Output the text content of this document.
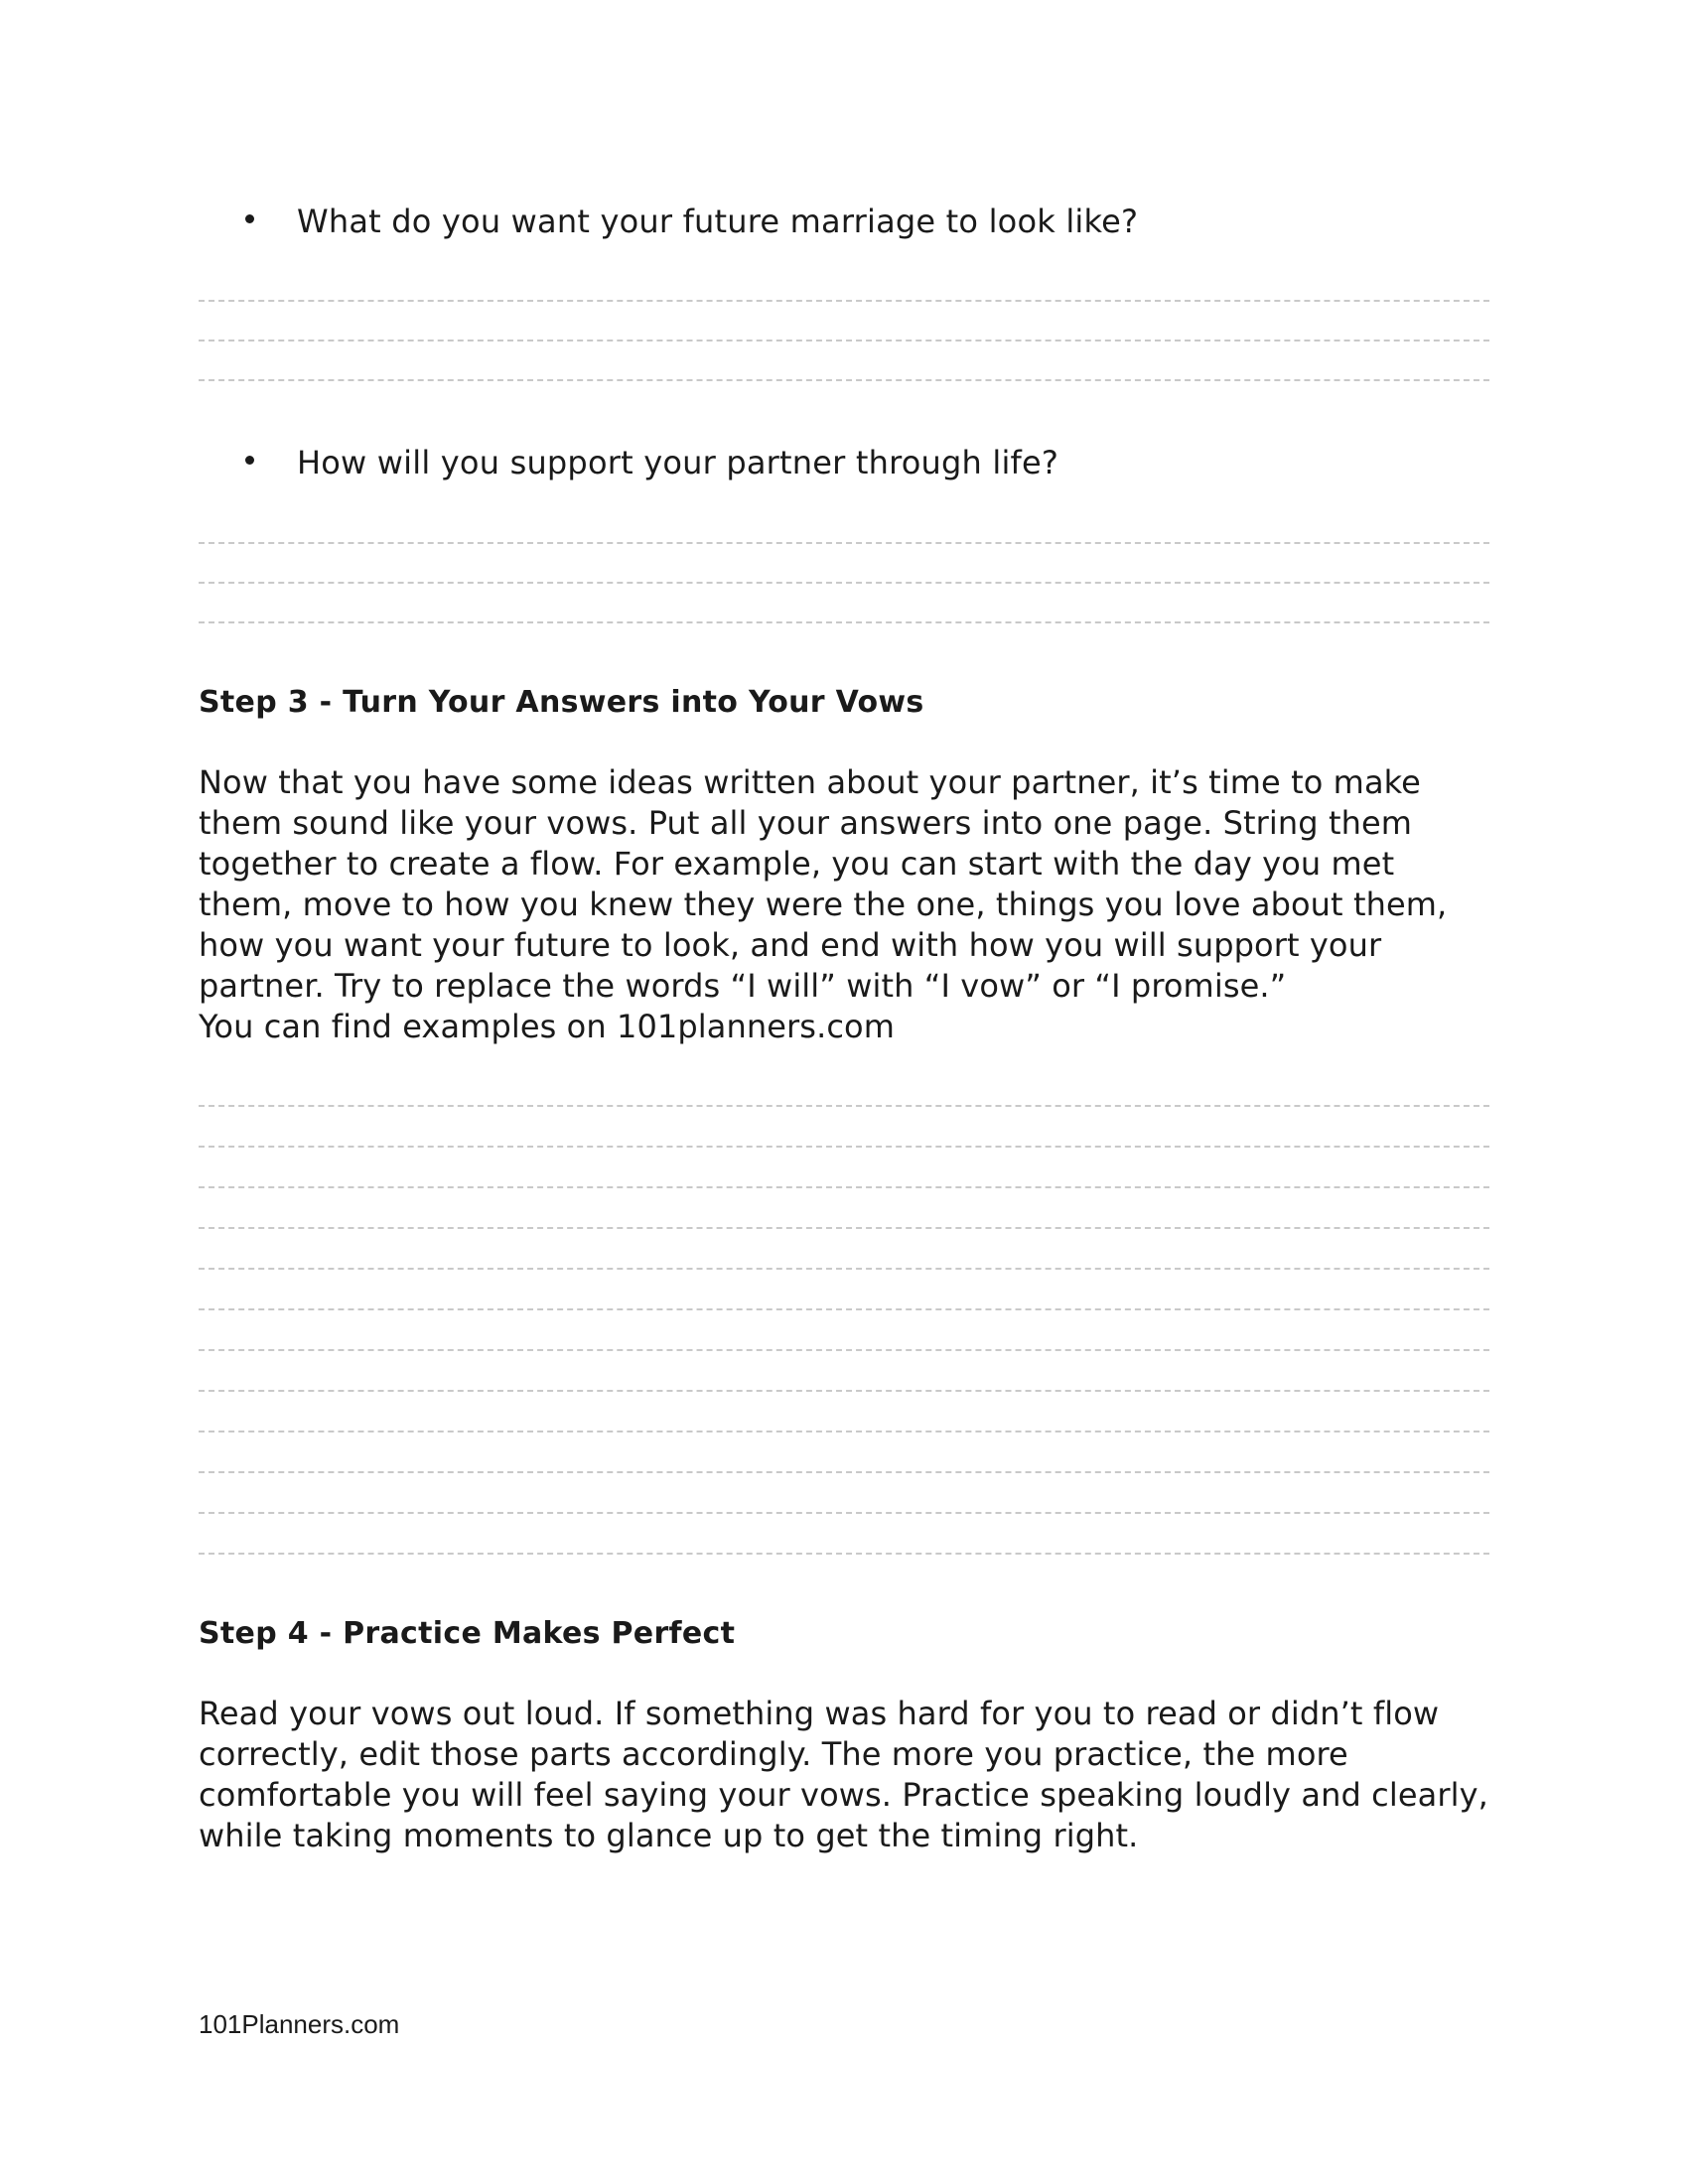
What do you want your future marriage to look like?
How will you support your partner through life?
Step 3 - Turn Your Answers into Your Vows

Now that you have some ideas written about your partner, it’s time to make

them sound like your vows. Put all your answers into one page. String them

together to create a flow. For example, you can start with the day you met

them, move to how you knew they were the one, things you love about them,

how you want your future to look, and end with how you will support your

partner. Try to replace the words “I will” with “I vow” or “I promise.”

You can find examples on 101planners.com

Step 4 - Practice Makes Perfect

Read your vows out loud. If something was hard for you to read or didn’t flow

correctly, edit those parts accordingly. The more you practice, the more

comfortable you will feel saying your vows. Practice speaking loudly and clearly,

while taking moments to glance up to get the timing right.

101Planners.com
